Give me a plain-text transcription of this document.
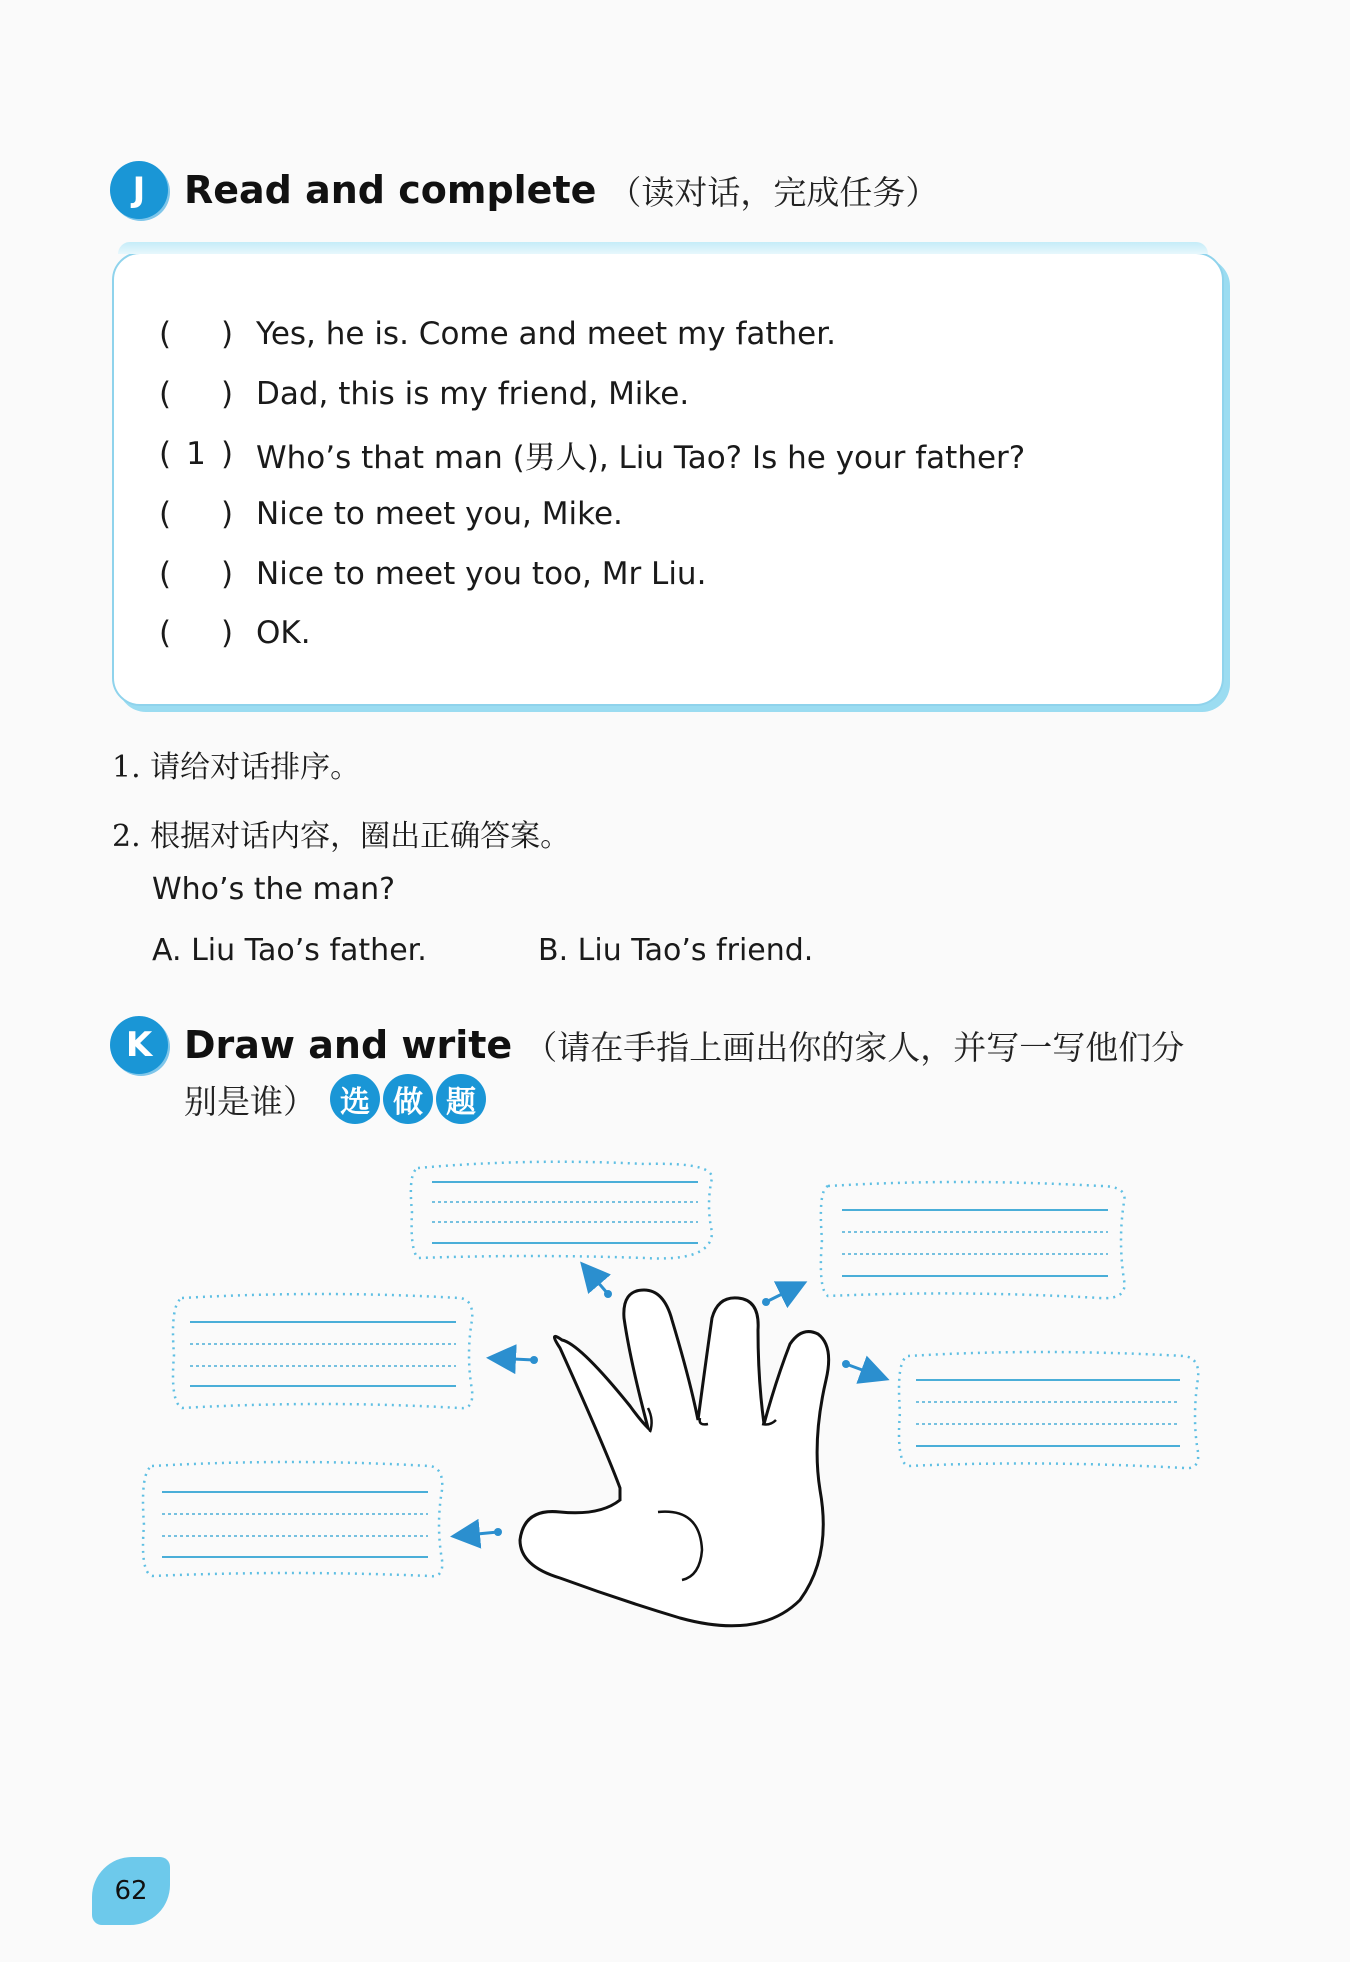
J	Read and complete （读对话，完成任务）
( ) Yes, he is. Come and meet my father.
( ) Dad, this is my friend, Mike.
( 1 ) Who’s that man (男人), Liu Tao? Is he your father?
( ) Nice to meet you, Mike.
( ) Nice to meet you too, Mr Liu.
( ) OK.
1. 请给对话排序。
2. 根据对话内容，圈出正确答案。
Who’s the man?
A. Liu Tao’s father.	B. Liu Tao’s friend.
K Draw and write （请在手指上画出你的家人，并写一写他们分
别是谁） 选 做 题
62
